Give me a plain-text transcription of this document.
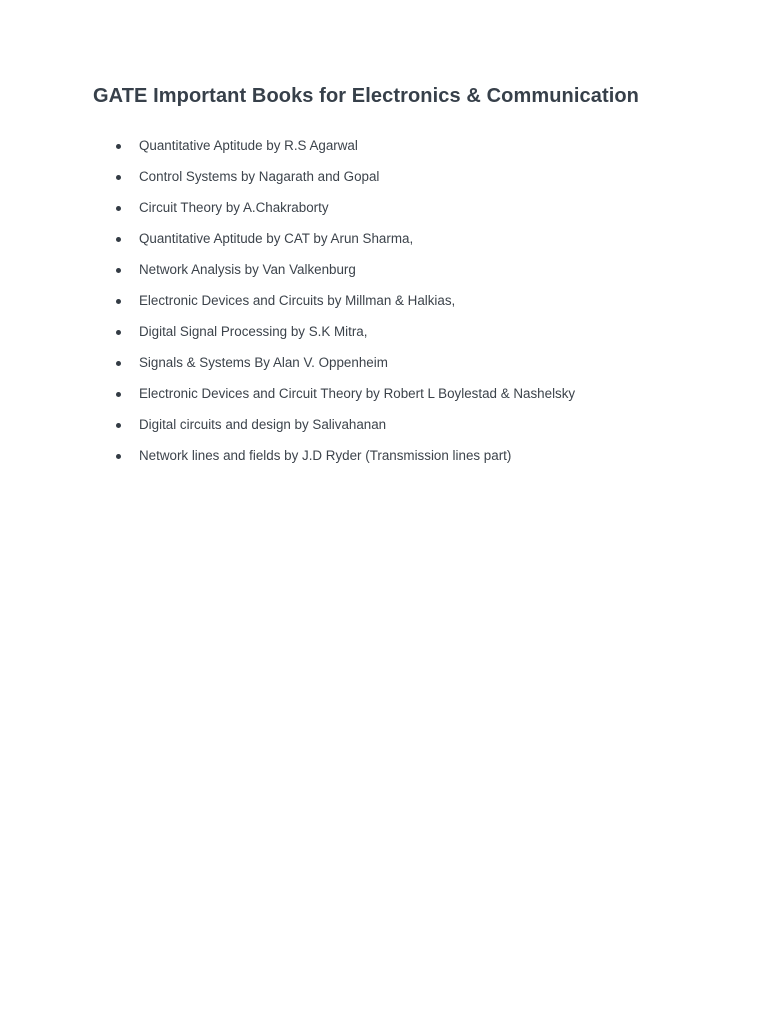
GATE Important Books for Electronics & Communication
Quantitative Aptitude by R.S Agarwal
Control Systems by Nagarath and Gopal
Circuit Theory by A.Chakraborty
Quantitative Aptitude by CAT by Arun Sharma,
Network Analysis by Van Valkenburg
Electronic Devices and Circuits by Millman & Halkias,
Digital Signal Processing by S.K Mitra,
Signals & Systems By Alan V. Oppenheim
Electronic Devices and Circuit Theory by Robert L Boylestad & Nashelsky
Digital circuits and design by Salivahanan
Network lines and fields by J.D Ryder (Transmission lines part)
